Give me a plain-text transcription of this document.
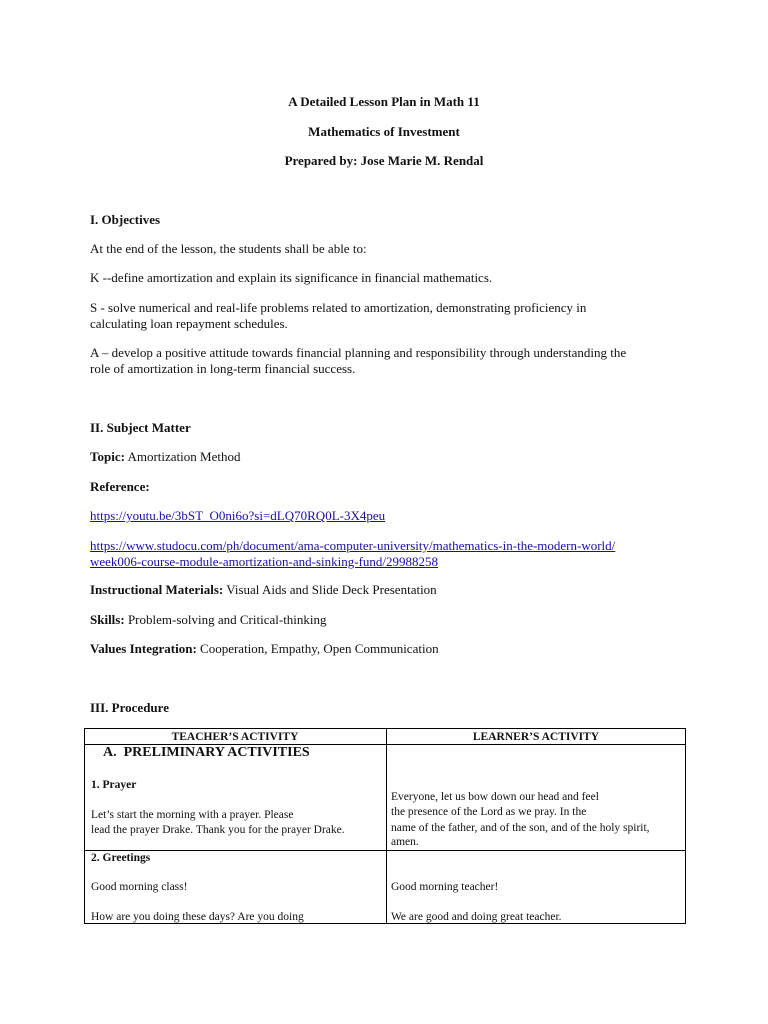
A Detailed Lesson Plan in Math 11
Mathematics of Investment
Prepared by: Jose Marie M. Rendal
I. Objectives
At the end of the lesson, the students shall be able to:
K --define amortization and explain its significance in financial mathematics.
S - solve numerical and real-life problems related to amortization, demonstrating proficiency in
calculating loan repayment schedules.
A – develop a positive attitude towards financial planning and responsibility through understanding the
role of amortization in long-term financial success.
II. Subject Matter
Topic: Amortization Method
Reference:
https://youtu.be/3bST_O0ni6o?si=dLQ70RQ0L-3X4peu
https://www.studocu.com/ph/document/ama-computer-university/mathematics-in-the-modern-world/
week006-course-module-amortization-and-sinking-fund/29988258
Instructional Materials: Visual Aids and Slide Deck Presentation
Skills: Problem-solving and Critical-thinking
Values Integration: Cooperation, Empathy, Open Communication
III. Procedure
TEACHER’S ACTIVITY	LEARNER’S ACTIVITY
A.  PRELIMINARY ACTIVITIES
1. Prayer
Let’s start the morning with a prayer. Please
lead the prayer Drake. Thank you for the prayer Drake.
Everyone, let us bow down our head and feel
the presence of the Lord as we pray. In the
name of the father, and of the son, and of the holy spirit,
amen.
2. Greetings
Good morning class!
How are you doing these days? Are you doing
Good morning teacher!
We are good and doing great teacher.
